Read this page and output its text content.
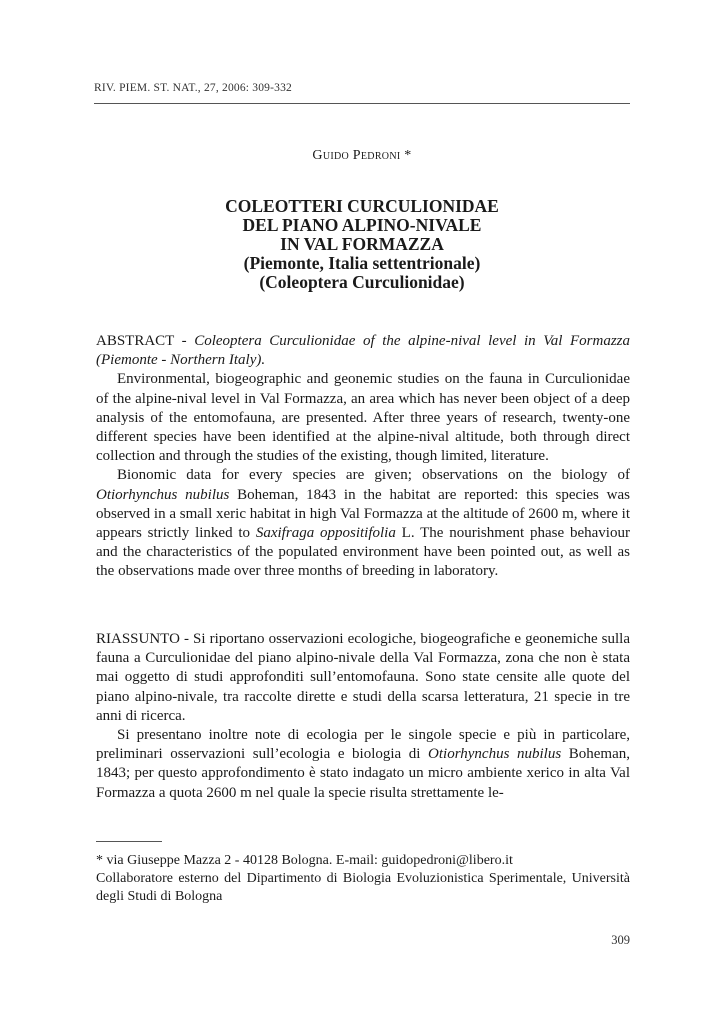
RIV. PIEM. ST. NAT., 27, 2006: 309-332
Guido Pedroni *
COLEOTTERI CURCULIONIDAE
DEL PIANO ALPINO-NIVALE
IN VAL FORMAZZA
(Piemonte, Italia settentrionale)
(Coleoptera Curculionidae)

ABSTRACT - Coleoptera Curculionidae of the alpine-nival level in Val Formazza (Piemonte - Northern Italy).

Environmental, biogeographic and geonemic studies on the fauna in Curculionidae of the alpine-nival level in Val Formazza, an area which has never been object of a deep analysis of the entomofauna, are presented. After three years of research, twenty-one different species have been identified at the alpine-nival altitude, both through direct collection and through the studies of the existing, though limited, literature.

Bionomic data for every species are given; observations on the biology of Otiorhynchus nubilus Boheman, 1843 in the habitat are reported: this species was observed in a small xeric habitat in high Val Formazza at the altitude of 2600 m, where it appears strictly linked to Saxifraga oppositifolia L. The nourishment phase behaviour and the characteristics of the populated environment have been pointed out, as well as the observations made over three months of breeding in laboratory.

RIASSUNTO - Si riportano osservazioni ecologiche, biogeografiche e geonemiche sulla fauna a Curculionidae del piano alpino-nivale della Val Formazza, zona che non è stata mai oggetto di studi approfonditi sull’entomofauna. Sono state censite alle quote del piano alpino-nivale, tra raccolte dirette e studi della scarsa letteratura, 21 specie in tre anni di ricerca.

Si presentano inoltre note di ecologia per le singole specie e più in particolare, preliminari osservazioni sull’ecologia e biologia di Otiorhynchus nubilus Boheman, 1843; per questo approfondimento è stato indagato un micro ambiente xerico in alta Val Formazza a quota 2600 m nel quale la specie risulta strettamente le-

* via Giuseppe Mazza 2 - 40128 Bologna. E-mail: guidopedroni@libero.it

Collaboratore esterno del Dipartimento di Biologia Evoluzionistica Sperimentale, Università degli Studi di Bologna

309
